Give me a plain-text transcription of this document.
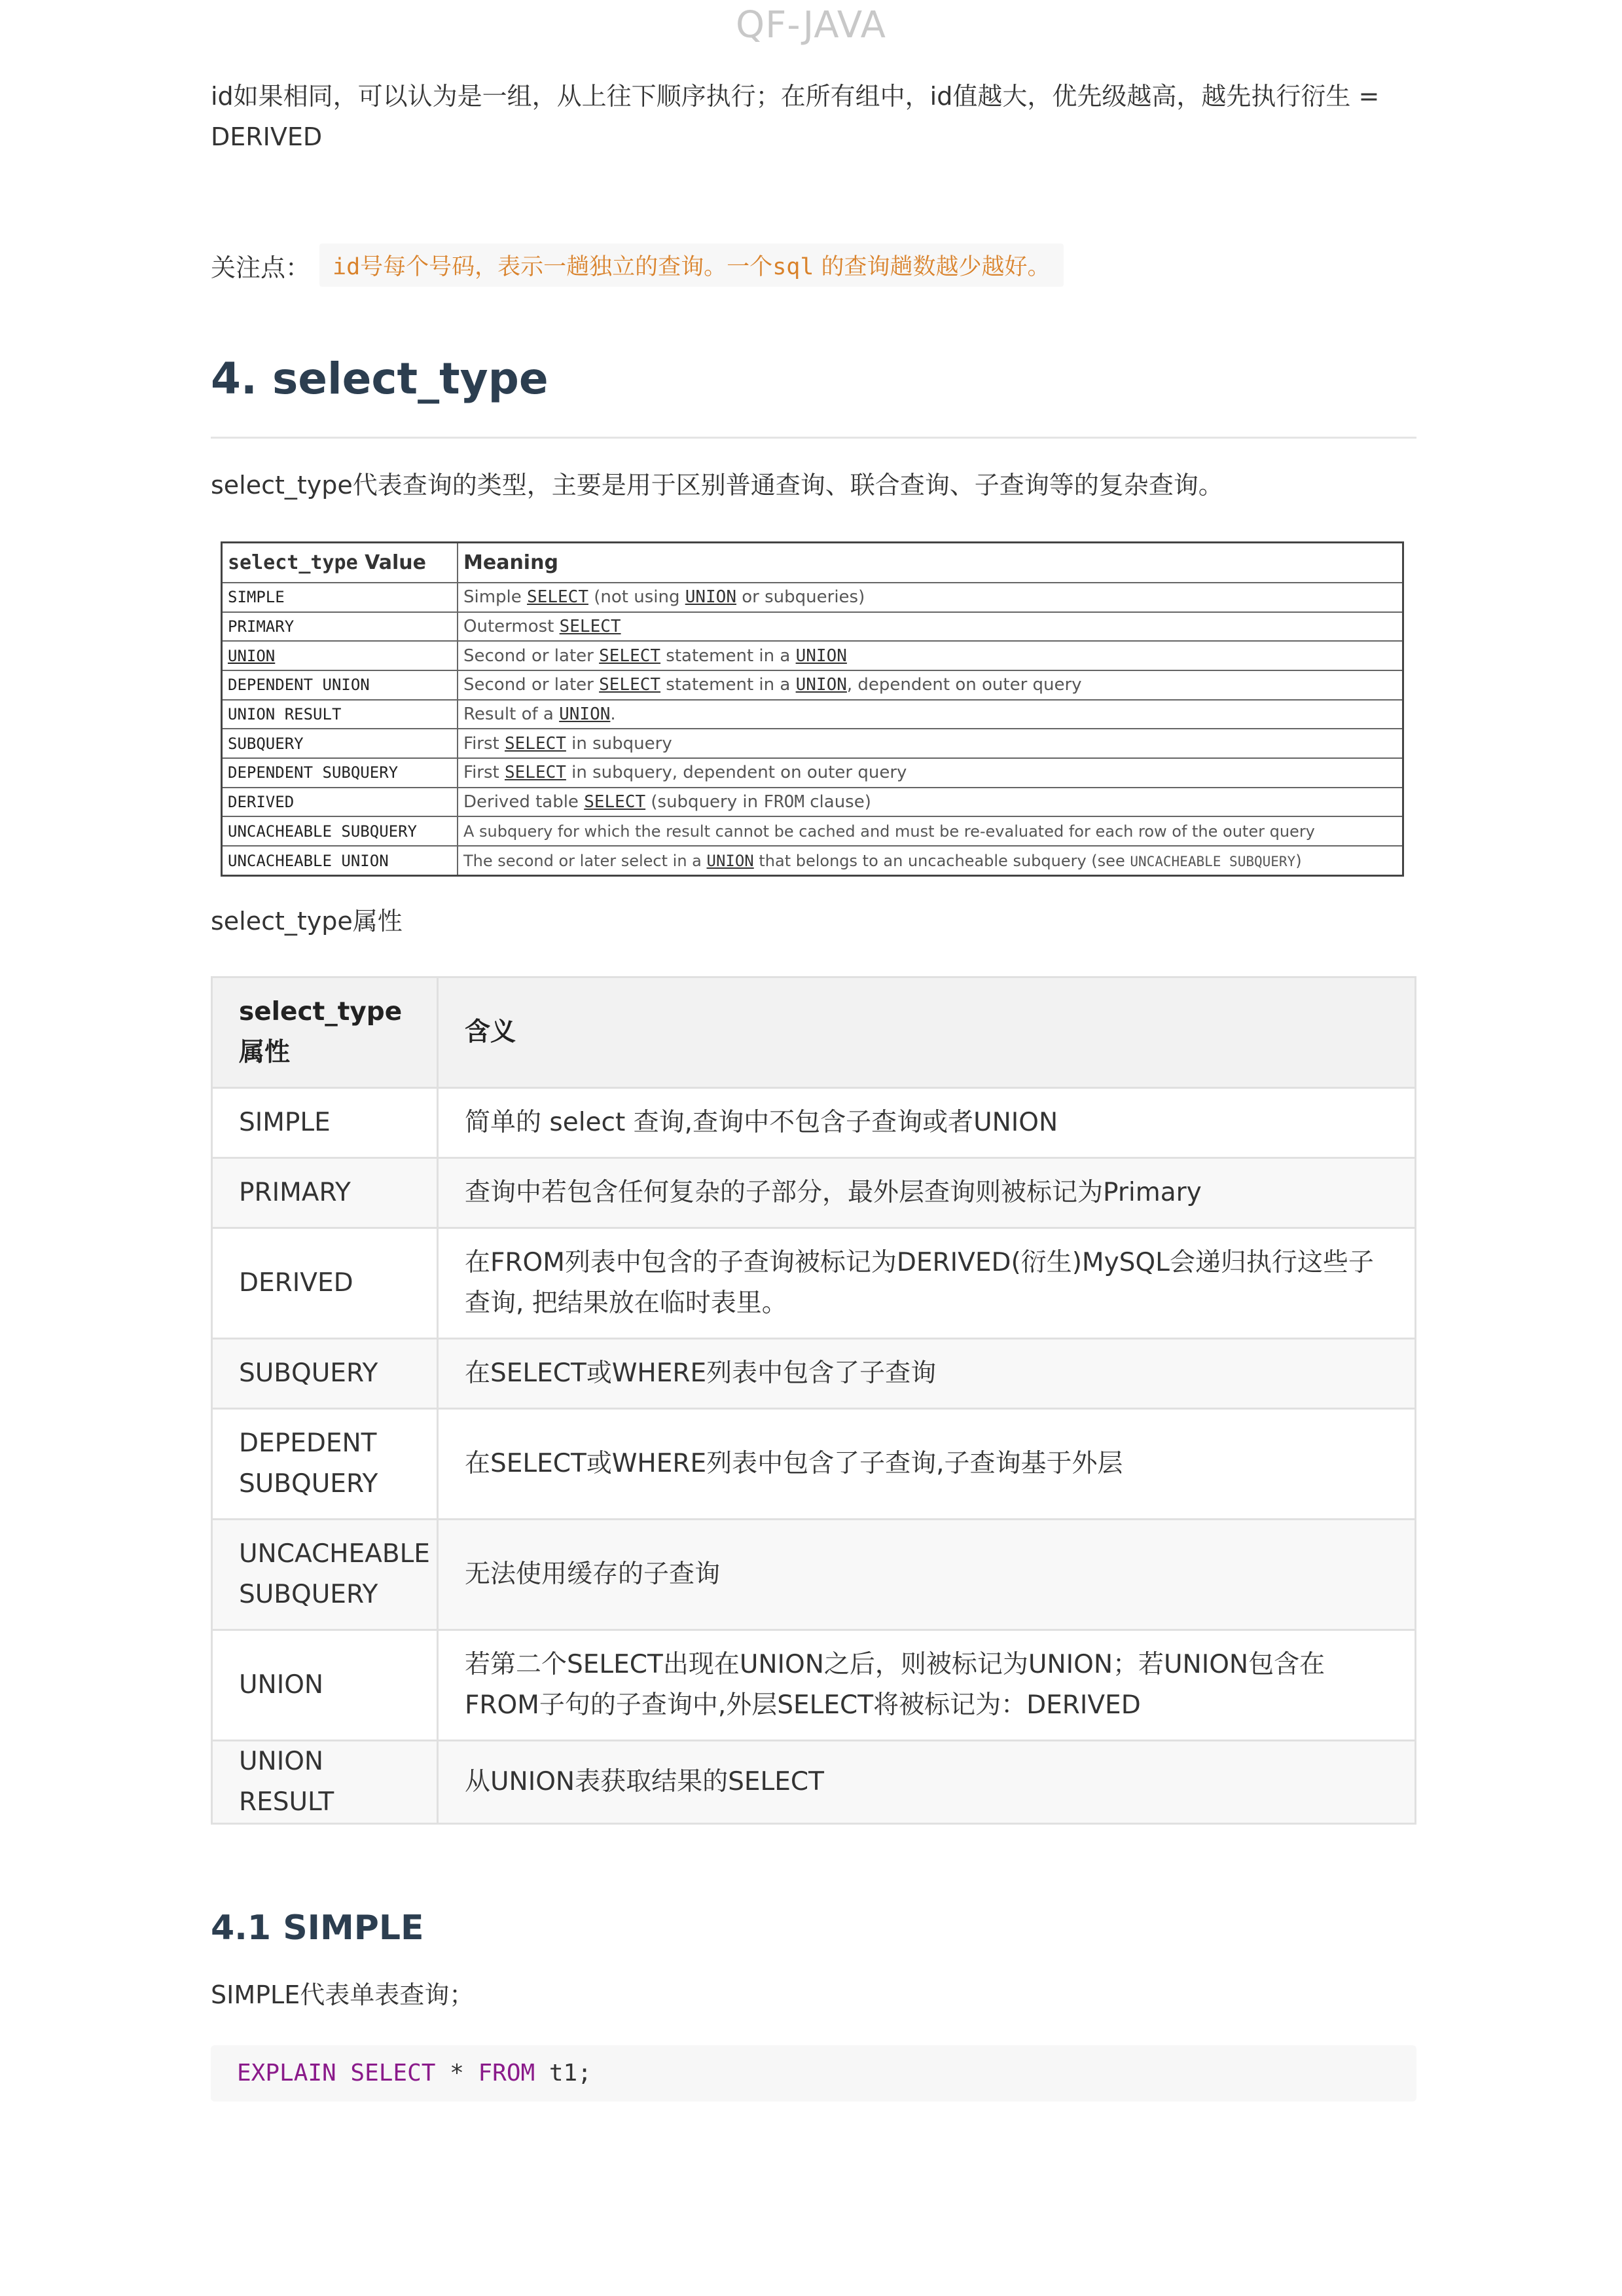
QF-JAVA
id如果相同，可以认为是一组，从上往下顺序执行；在所有组中，id值越大，优先级越高，越先执行衍生 = DERIVED
关注点： id号每个号码，表示一趟独立的查询。一个sql 的查询趟数越少越好。
4. select_type
select_type代表查询的类型，主要是用于区别普通查询、联合查询、子查询等的复杂查询。
select_type Value	Meaning
SIMPLE	Simple SELECT (not using UNION or subqueries)
PRIMARY	Outermost SELECT
UNION	Second or later SELECT statement in a UNION
DEPENDENT UNION	Second or later SELECT statement in a UNION, dependent on outer query
UNION RESULT	Result of a UNION.
SUBQUERY	First SELECT in subquery
DEPENDENT SUBQUERY	First SELECT in subquery, dependent on outer query
DERIVED	Derived table SELECT (subquery in FROM clause)
UNCACHEABLE SUBQUERY	A subquery for which the result cannot be cached and must be re-evaluated for each row of the outer query
UNCACHEABLE UNION	The second or later select in a UNION that belongs to an uncacheable subquery (see UNCACHEABLE SUBQUERY)
select_type属性
select_type属性	含义
SIMPLE	简单的 select 查询,查询中不包含子查询或者UNION
PRIMARY	查询中若包含任何复杂的子部分，最外层查询则被标记为Primary
DERIVED	在FROM列表中包含的子查询被标记为DERIVED(衍生)MySQL会递归执行这些子查询, 把结果放在临时表里。
SUBQUERY	在SELECT或WHERE列表中包含了子查询
DEPEDENT SUBQUERY	在SELECT或WHERE列表中包含了子查询,子查询基于外层
UNCACHEABLE SUBQUERY	无法使用缓存的子查询
UNION	若第二个SELECT出现在UNION之后，则被标记为UNION；若UNION包含在FROM子句的子查询中,外层SELECT将被标记为：DERIVED
UNION RESULT	从UNION表获取结果的SELECT
4.1 SIMPLE
SIMPLE代表单表查询；
EXPLAIN SELECT * FROM t1;
